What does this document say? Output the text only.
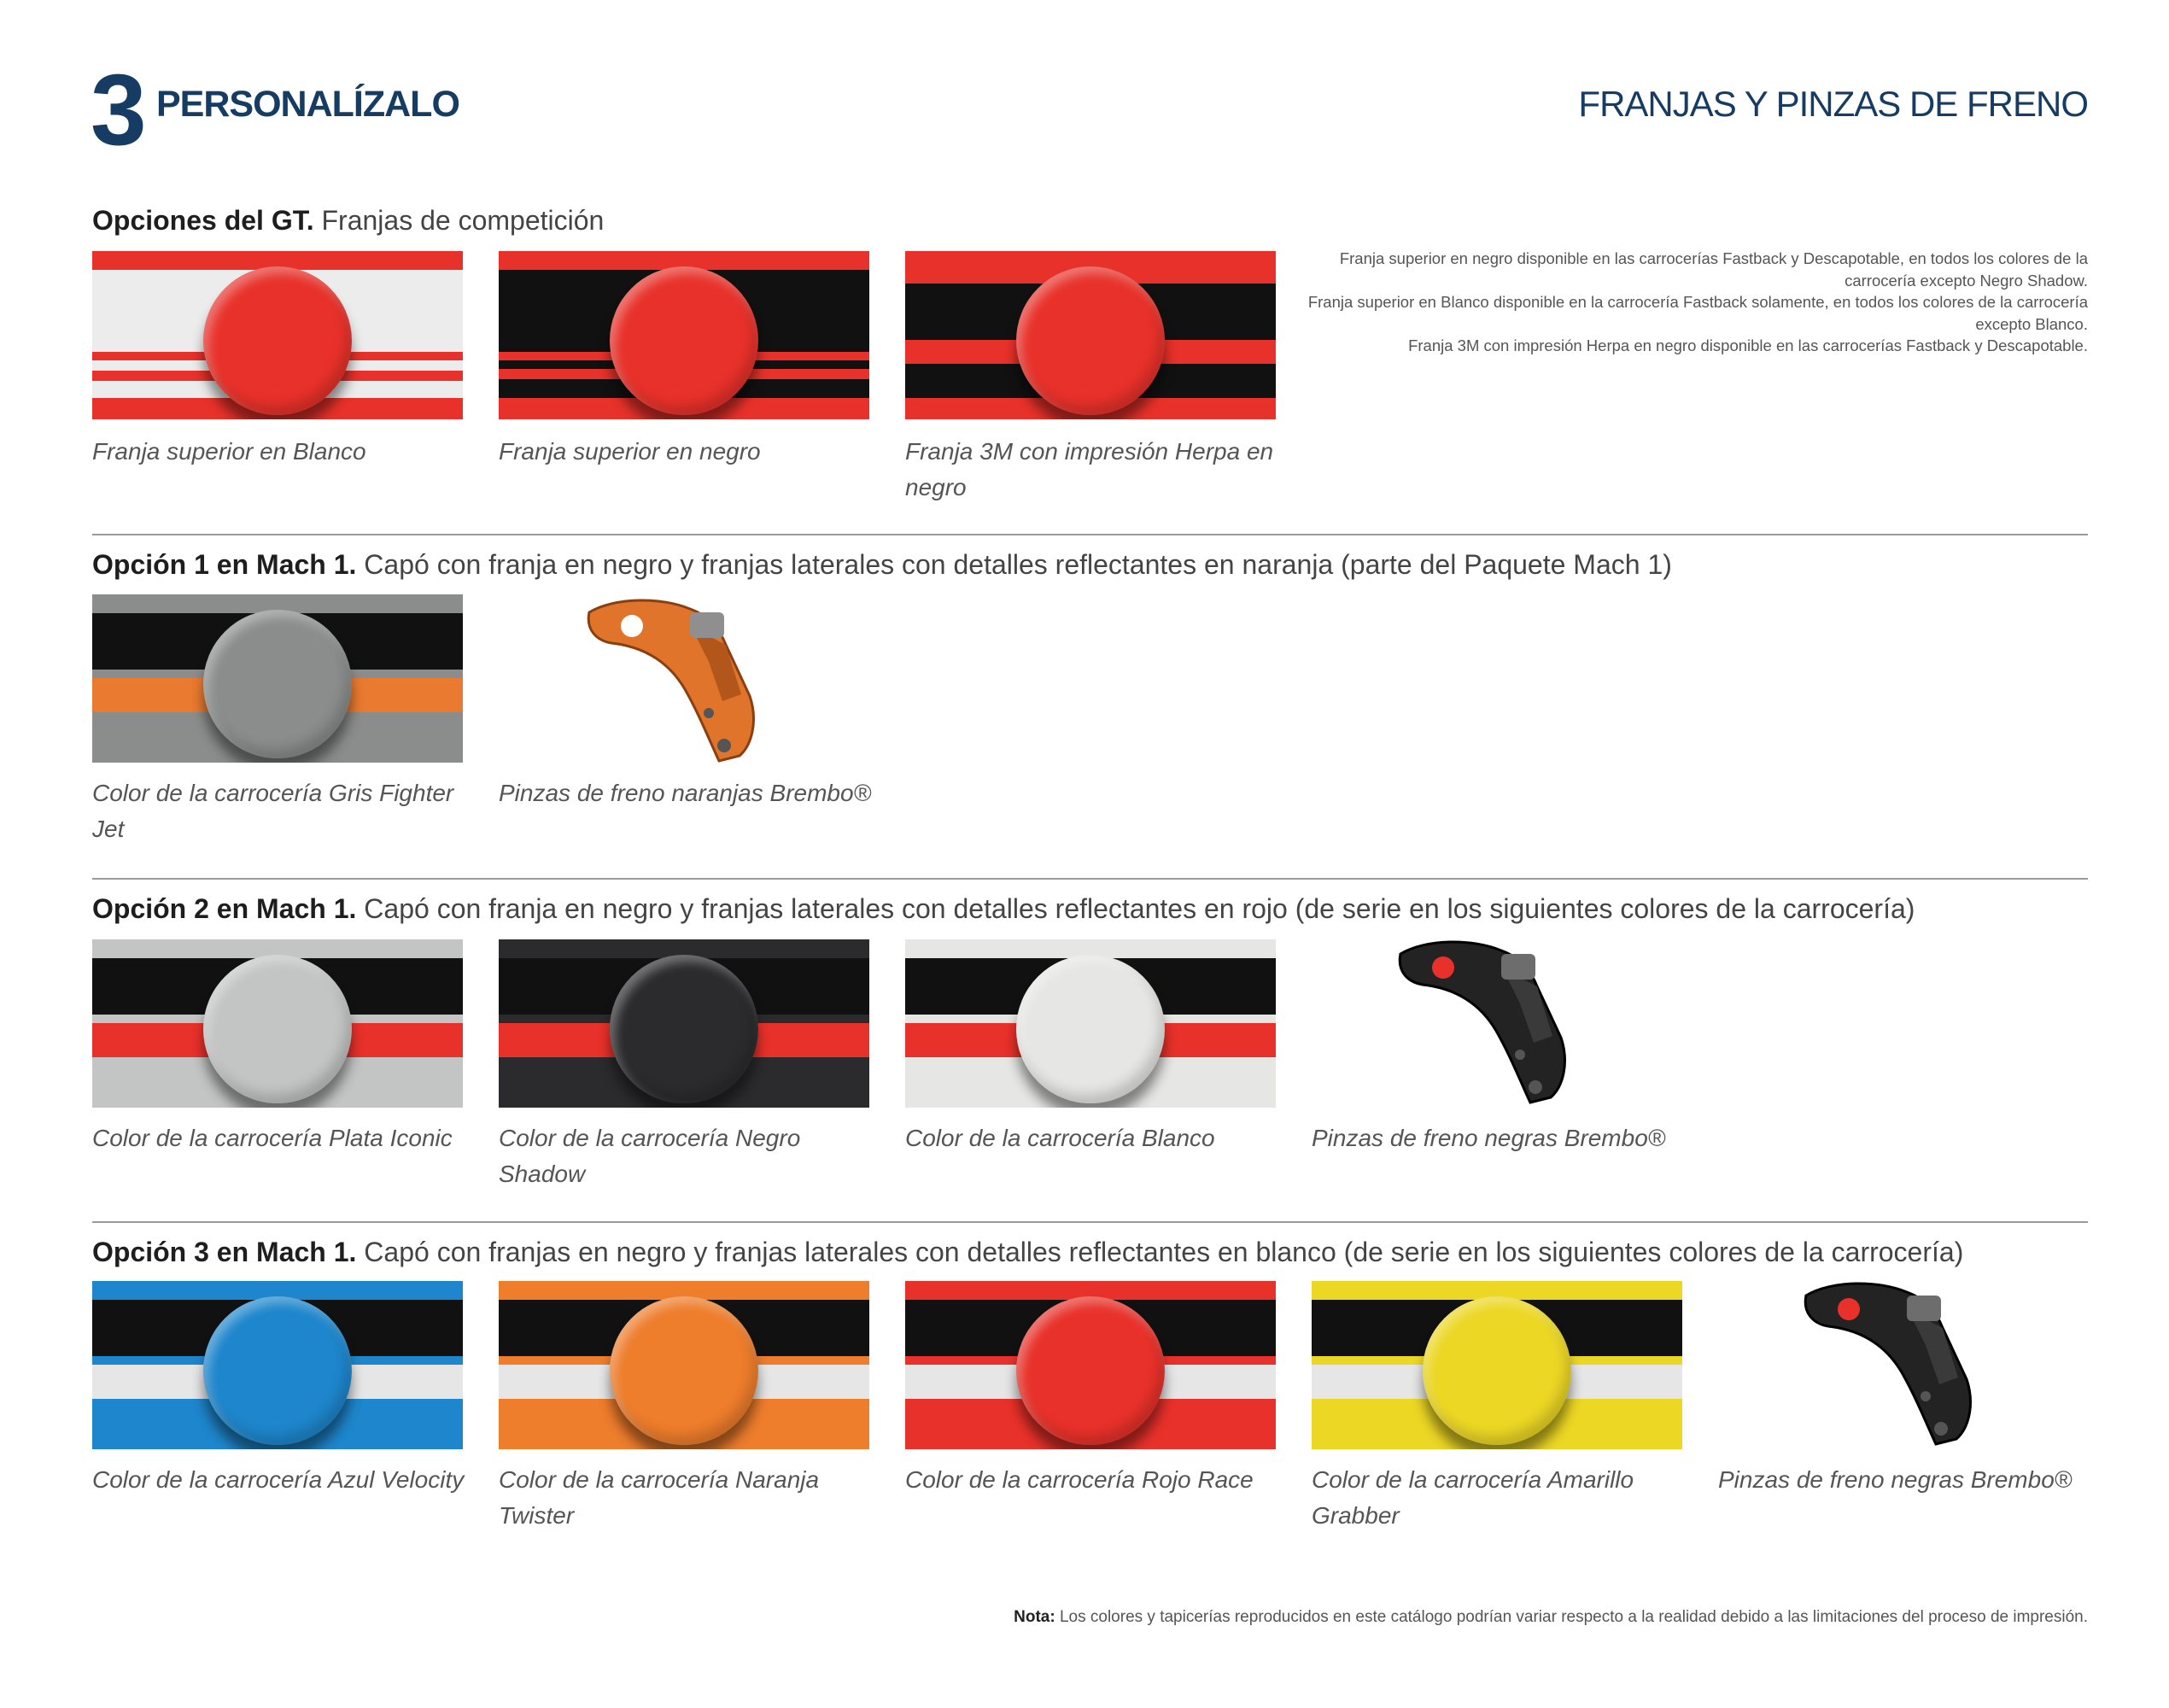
3 PERSONALÍZALO	FRANJAS Y PINZAS DE FRENO
Opciones del GT. Franjas de competición

Franja superior en negro disponible en las carrocerías Fastback y Descapotable, en todos los colores de la carrocería excepto Negro Shadow.

Franja superior en Blanco disponible en la carrocería Fastback solamente, en todos los colores de la carrocería excepto Blanco.

Franja 3M con impresión Herpa en negro disponible en las carrocerías Fastback y Descapotable.

Franja superior en Blanco	Franja superior en negro	Franja 3M con impresión Herpa en negro
Opción 1 en Mach 1. Capó con franja en negro y franjas laterales con detalles reflectantes en naranja (parte del Paquete Mach 1)
Color de la carrocería Gris Fighter Jet
Pinzas de freno naranjas Brembo®
Opción 2 en Mach 1. Capó con franja en negro y franjas laterales con detalles reflectantes en rojo (de serie en los siguientes colores de la carrocería)
Color de la carrocería Plata Iconic	Color de la carrocería Negro Shadow
Color de la carrocería Blanco	Pinzas de freno negras Brembo®
Opción 3 en Mach 1. Capó con franjas en negro y franjas laterales con detalles reflectantes en blanco (de serie en los siguientes colores de la carrocería)
Color de la carrocería Azul Velocity Color de la carrocería Naranja Twister
Color de la carrocería Rojo Race	Color de la carrocería Amarillo Grabber
Pinzas de freno negras Brembo®
Nota: Los colores y tapicerías reproducidos en este catálogo podrían variar respecto a la realidad debido a las limitaciones del proceso de impresión.
